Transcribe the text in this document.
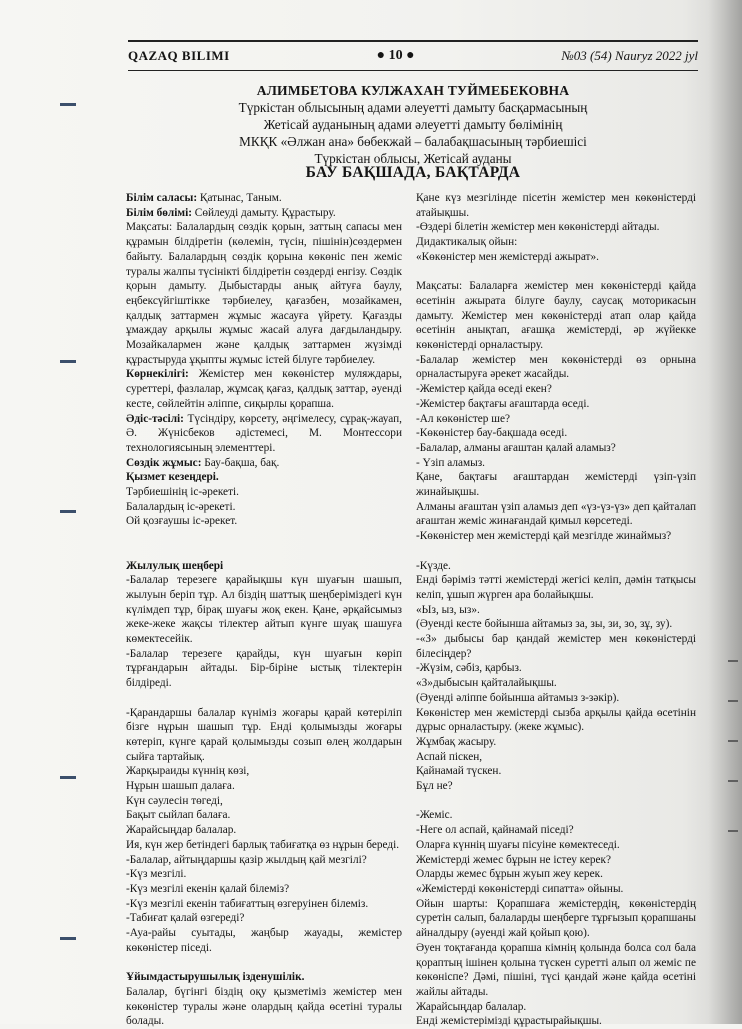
QAZAQ BILIMI	● 10 ●	№03 (54) Nauryz 2022 jyl
АЛИМБЕТОВА КУЛЖАХАН ТУЙМЕБЕКОВНА
Түркістан облысының адами әлеуетті дамыту басқармасының
Жетісай ауданының адами әлеуетті дамыту бөлімінің
МКҚК «Әлжан ана» бөбекжай – балабақшасының тәрбиешісі
Түркістан облысы, Жетісай ауданы
БАУ БАҚШАДА, БАҚТАРДА

Білім саласы: Қатынас, Таным.

Білім бөлімі: Сөйлеуді дамыту. Құрастыру.

Мақсаты: Балалардың сөздік қорын, заттың сапасы мен құрамын білдіретін (көлемін, түсін, пішінін)сөздермен байыту. Балалардың сөздік қорына көкөніс пен жеміс туралы жалпы түсінікті білдіретін сөздерді енгізу. Сөздік қорын дамыту. Дыбыстарды анық айтуға баулу, еңбексүйгіштікке тәрбиелеу, қағазбен, мозайкамен, қалдық заттармен жұмыс жасауға үйрету. Қағазды ұмаждау арқылы жұмыс жасай алуға дағдыландыру. Мозайкалармен және қалдық заттармен жүзімді құрастыруда ұқыпты жұмыс істей білуге тәрбиелеу.

Көрнекілігі: Жемістер мен көкөністер муляждары, суреттері, фазлалар, жұмсақ қағаз, қалдық заттар, әуенді кесте, сөйлейтін әліппе, сиқырлы қорапша.

Әдіс-тәсілі: Түсіндіру, көрсету, әңгімелесу, сұрақ-жауап, Ә. Жүнісбеков әдістемесі, М. Монтессори технологиясының элементтері.

Сөздік жұмыс: Бау-бақша, бақ.

Қызмет кезеңдері.

Тәрбиешінің іс-әрекеті.

Балалардың іс-әрекеті.

Ой қозғаушы іс-әрекет.

Жылулық шеңбері

-Балалар терезеге қарайықшы күн шуағын шашып, жылуын беріп тұр. Ал біздің шаттық шеңберіміздегі күн күлімдеп тұр, бірақ шуағы жоқ екен. Қане, әрқайсымыз жеке-жеке жақсы тілектер айтып күнге шуақ шашуға көмектесейік.

-Балалар терезеге қарайды, күн шуағын көріп тұрғандарын айтады. Бір-біріне ыстық тілектерін білдіреді.

-Қарандаршы балалар күніміз жоғары қарай көтеріліп бізге нұрын шашып тұр. Енді қолымызды жоғары көтеріп, күнге қарай қолымызды созып өлең жолдарын сыйға тартайық.

Жарқыраиды күннің көзі,

Нұрын шашып далаға.

Күн сәулесін төгеді,

Бақыт сыйлап балаға.

Жарайсыңдар балалар.

Ия, күн жер бетіндегі барлық табиғатқа өз нұрын береді.

-Балалар, айтыңдаршы қазір жылдың қай мезгілі?

-Күз мезгілі.

-Күз мезгілі екенін қалай білеміз?

-Күз мезгілі екенін табиғаттың өзгеруінен білеміз.

-Табиғат қалай өзгереді?

-Ауа-райы суытады, жаңбыр жауады, жемістер көкөністер піседі.

Ұйымдастырушылық ізденушілік.

Балалар, бүгінгі біздің оқу қызметіміз жемістер мен көкөністер туралы және олардың қайда өсетіні туралы болады.

Қане күз мезгілінде пісетін жемістер мен көкөністерді атайықшы.

-Өздері білетін жемістер мен көкөністерді айтады.

Дидактикалық ойын:

«Көкөністер мен жемістерді ажырат».

Мақсаты: Балаларға жемістер мен көкөністерді қайда өсетінін ажырата білуге баулу, саусақ моторикасын дамыту. Жемістер мен көкөністерді атап олар қайда өсетінін анықтап, ағашқа жемістерді, әр жүйекке көкөністерді орналастыру.

-Балалар жемістер мен көкөністерді өз орнына орналастыруға әрекет жасайды.

-Жемістер қайда өседі екен?

-Жемістер бақтағы ағаштарда өседі.

-Ал көкөністер ше?

-Көкөністер бау-бақшада өседі.

-Балалар, алманы ағаштан қалай аламыз?

- Үзіп аламыз.

Қане, бақтағы ағаштардан жемістерді үзіп-үзіп жинайықшы.

Алманы ағаштан үзіп аламыз деп «үз-үз-үз» деп қайталап ағаштан жеміс жинағандай қимыл көрсетеді.

-Көкөністер мен жемістерді қай мезгілде жинаймыз?

-Күзде.

Енді бәріміз тәтті жемістерді жегісі келіп, дәмін татқысы келіп, ұшып жүрген ара болайықшы.

«Ыз, ыз, ыз».

(Әуенді кесте бойынша айтамыз за, зы, зи, зо, зұ, зу).

-«З» дыбысы бар қандай жемістер мен көкөністерді білесіңдер?

-Жүзім, сәбіз, қарбыз.

«З»дыбысын қайталайықшы.

(Әуенді әліппе бойынша айтамыз з-зәкір).

Көкөністер мен жемістерді сызба арқылы қайда өсетінін дұрыс орналастыру. (жеке жұмыс).

Жұмбақ жасыру.

Аспай піскен,

Қайнамай түскен.

Бұл не?

-Жеміс.

-Неге ол аспай, қайнамай піседі?

Оларға күннің шуағы пісуіне көмектеседі.

Жемістерді жемес бұрын не істеу керек?

Оларды жемес бұрын жуып жеу керек.

«Жемістерді көкөністерді сипатта» ойыны.

Ойын шарты: Қорапшаға жемістердің, көкөністердің суретін салып, балаларды шеңберге тұрғызып қорапшаны айналдыру (әуенді жай қойып қою).

Әуен тоқтағанда қорапша кімнің қолында болса сол бала қораптың ішінен қолына түскен суретті алып ол жеміс пе көкөніспе? Дәмі, пішіні, түсі қандай және қайда өсетіні жайлы айтады.

Жарайсыңдар балалар.

Енді жемістерімізді құрастырайықшы.
